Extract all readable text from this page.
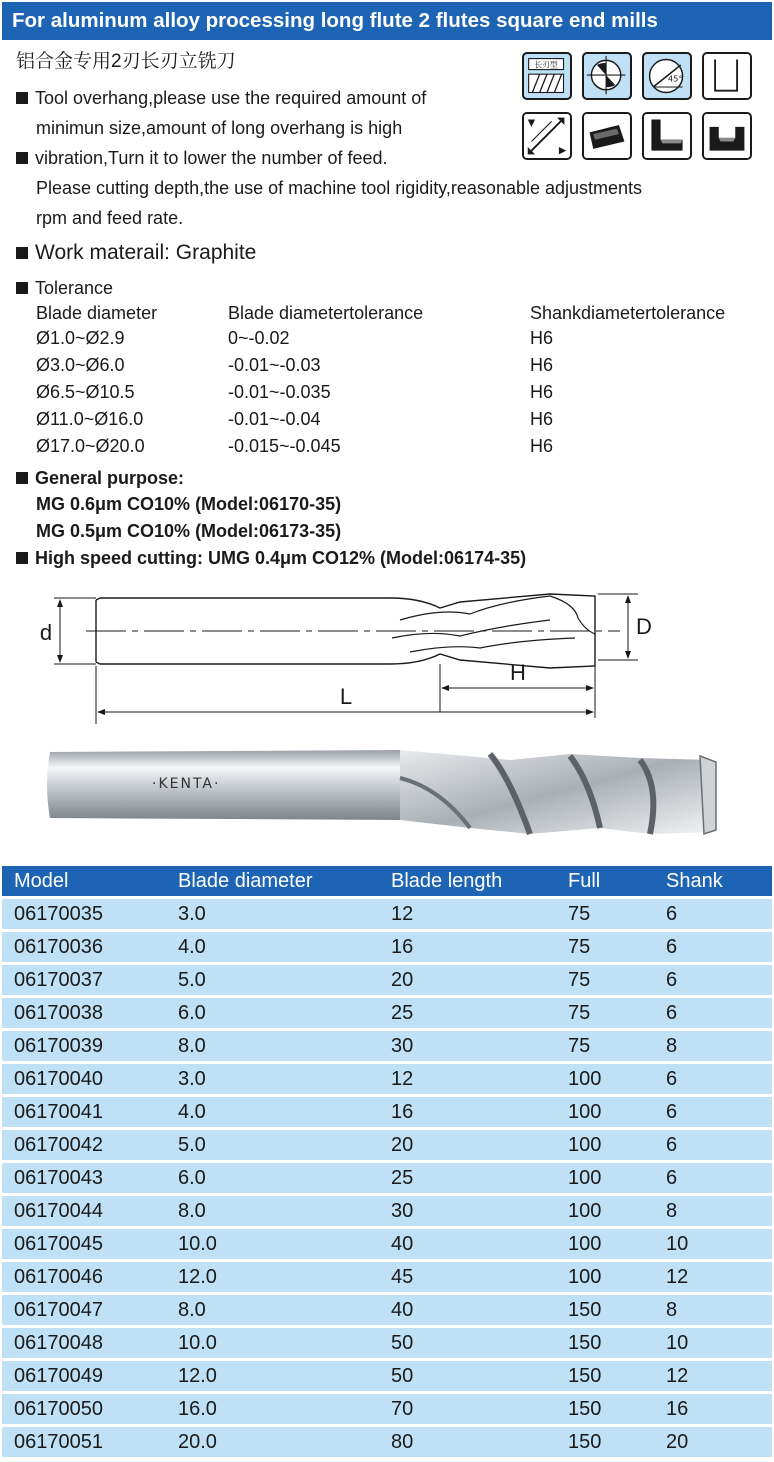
For aluminum alloy processing long flute 2 flutes square end mills
铝合金专用2刃长刃立铣刀	长刃型
45°
Tool overhang,please use the required amount of
minimun size,amount of long overhang is high
vibration,Turn it to lower the number of feed.
Please cutting depth,the use of machine tool rigidity,reasonable adjustments
rpm and feed rate.
Work materail: Graphite
Tolerance
Blade diameter	Blade diametertolerance	Shankdiametertolerance
Ø1.0~Ø2.9	0~-0.02	H6
Ø3.0~Ø6.0	-0.01~-0.03	H6
Ø6.5~Ø10.5	-0.01~-0.035	H6
Ø11.0~Ø16.0	-0.01~-0.04	H6
Ø17.0~Ø20.0	-0.015~-0.045	H6
General purpose:
MG 0.6μm CO10% (Model:06170-35)
MG 0.5μm CO10% (Model:06173-35)
High speed cutting: UMG 0.4μm CO12% (Model:06174-35)
d	D
H
L
·KENTA·
Model	Blade diameter	Blade length	Full	Shank
06170035	3.0	12	75	6
06170036	4.0	16	75	6
06170037	5.0	20	75	6
06170038	6.0	25	75	6
06170039	8.0	30	75	8
06170040	3.0	12	100	6
06170041	4.0	16	100	6
06170042	5.0	20	100	6
06170043	6.0	25	100	6
06170044	8.0	30	100	8
06170045	10.0	40	100	10
06170046	12.0	45	100	12
06170047	8.0	40	150	8
06170048	10.0	50	150	10
06170049	12.0	50	150	12
06170050	16.0	70	150	16
06170051	20.0	80	150	20
